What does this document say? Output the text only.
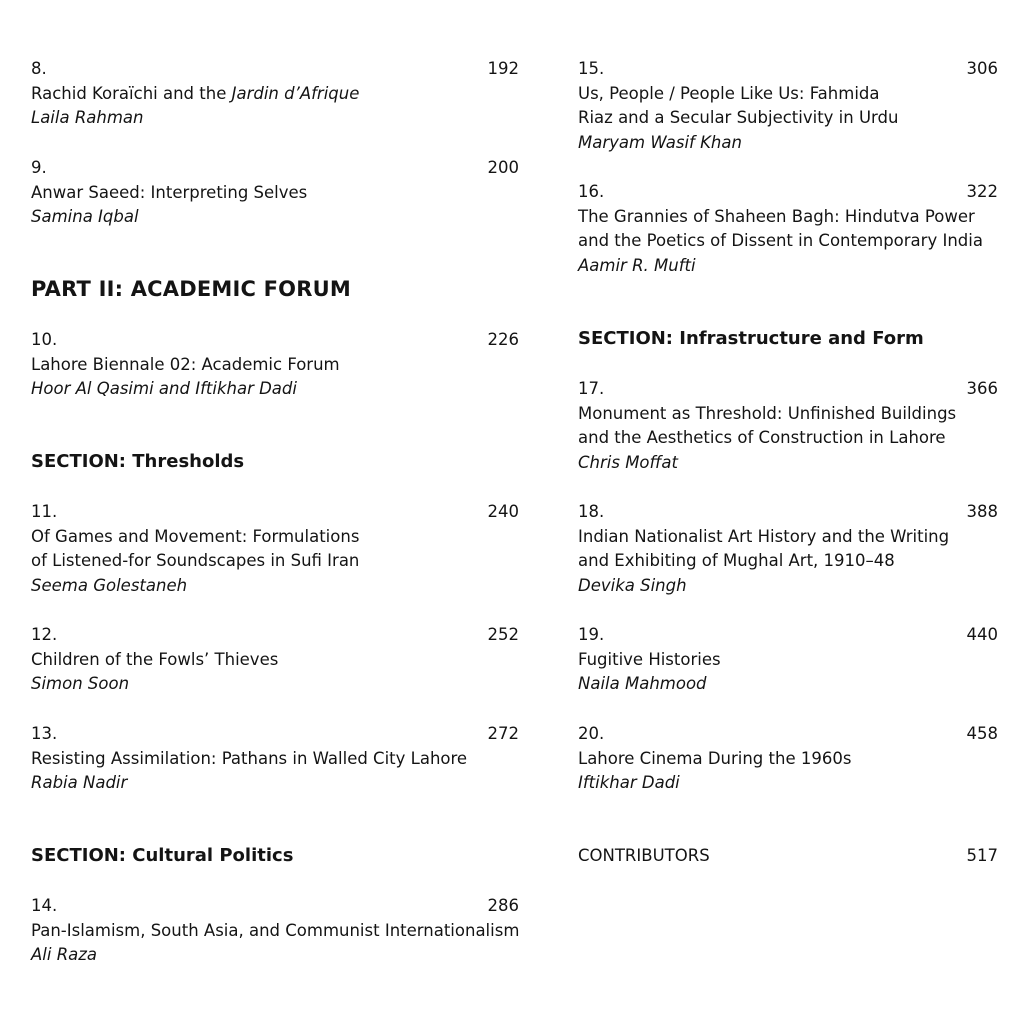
8.	192
Rachid Koraïchi and the Jardin d’Afrique
Laila Rahman
9.	200
Anwar Saeed: Interpreting Selves
Samina Iqbal
PART II: ACADEMIC FORUM
10.	226
Lahore Biennale 02: Academic Forum
Hoor Al Qasimi and Iftikhar Dadi
SECTION: Thresholds
11.	240
Of Games and Movement: Formulations
of Listened-for Soundscapes in Sufi Iran
Seema Golestaneh
12.	252
Children of the Fowls’ Thieves
Simon Soon
13.	272
Resisting Assimilation: Pathans in Walled City Lahore
Rabia Nadir
SECTION: Cultural Politics
14.	286
Pan-Islamism, South Asia, and Communist Internationalism
Ali Raza
15.	306
Us, People / People Like Us: Fahmida
Riaz and a Secular Subjectivity in Urdu
Maryam Wasif Khan
16.	322
The Grannies of Shaheen Bagh: Hindutva Power
and the Poetics of Dissent in Contemporary India
Aamir R. Mufti
SECTION: Infrastructure and Form
17.	366
Monument as Threshold: Unfinished Buildings
and the Aesthetics of Construction in Lahore
Chris Moffat
18.	388
Indian Nationalist Art History and the Writing
and Exhibiting of Mughal Art, 1910–48
Devika Singh
19.	440
Fugitive Histories
Naila Mahmood
20.	458
Lahore Cinema During the 1960s
Iftikhar Dadi
CONTRIBUTORS	517
